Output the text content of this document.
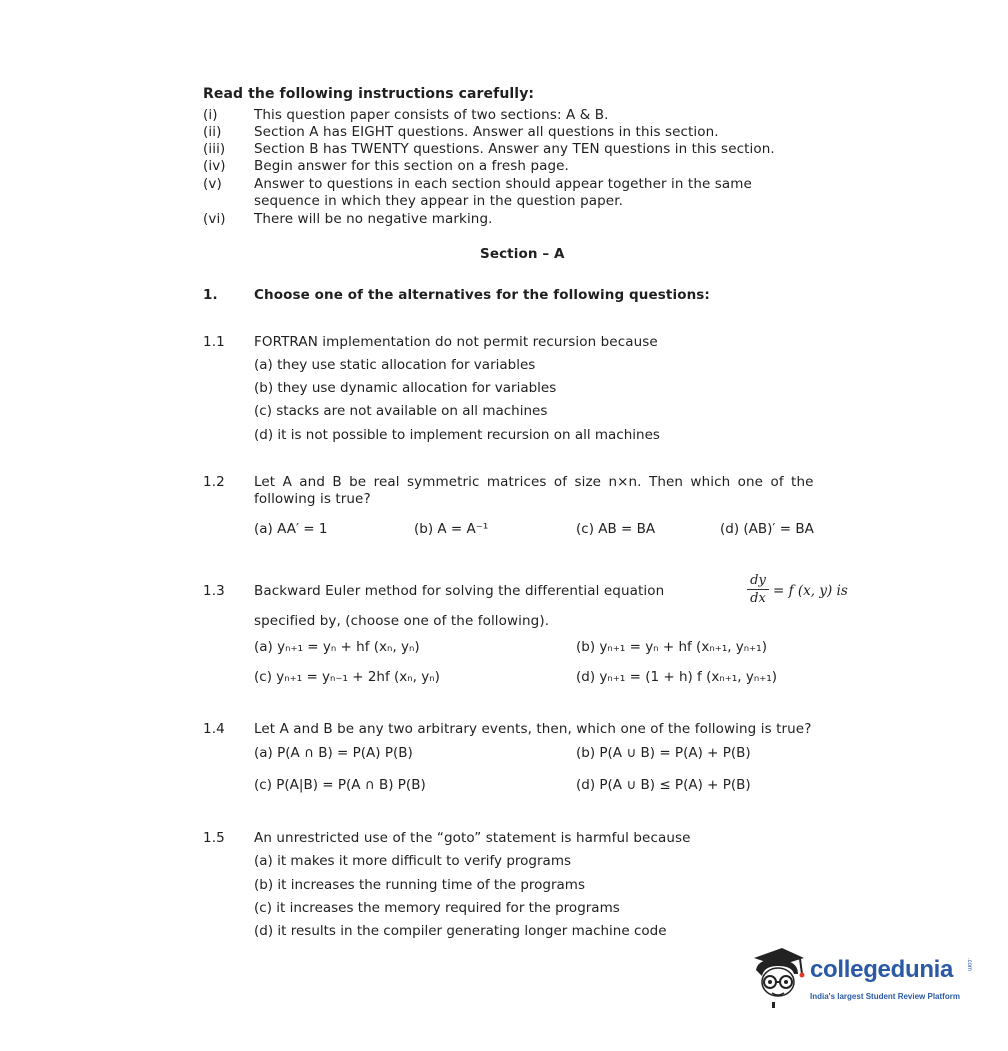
Read the following instructions carefully:
(i)	This question paper consists of two sections: A & B.
(ii) Section A has EIGHT questions. Answer all questions in this section.
(iii) Section B has TWENTY questions. Answer any TEN questions in this section.
(iv) Begin answer for this section on a fresh page.
(v) Answer to questions in each section should appear together in the same
sequence in which they appear in the question paper.
(vi) There will be no negative marking.
Section – A
1.	Choose one of the alternatives for the following questions:
1.1 FORTRAN implementation do not permit recursion because
(a) they use static allocation for variables
(b) they use dynamic allocation for variables
(c) stacks are not available on all machines
(d) it is not possible to implement recursion on all machines
1.2 Let A and B be real symmetric matrices of size n×n. Then which one of the
following is true?
(a) AA′ = 1	(b) A = A⁻¹	(c) AB = BA	(d) (AB)′ = BA
1.3 Backward Euler method for solving the differential equation
dy
dx = f (x, y) is
specified by, (choose one of the following).
(a) yₙ₊₁ = yₙ + hf (xₙ, yₙ)	(b) yₙ₊₁ = yₙ + hf (xₙ₊₁, yₙ₊₁)
(c) yₙ₊₁ = yₙ₋₁ + 2hf (xₙ, yₙ)	(d) yₙ₊₁ = (1 + h) f (xₙ₊₁, yₙ₊₁)
1.4 Let A and B be any two arbitrary events, then, which one of the following is true?
(a) P(A ∩ B) = P(A) P(B)	(b) P(A ∪ B) = P(A) + P(B)
(c) P(A|B) = P(A ∩ B) P(B)	(d) P(A ∪ B) ≤ P(A) + P(B)
1.5 An unrestricted use of the “goto” statement is harmful because
(a) it makes it more difficult to verify programs
(b) it increases the running time of the programs
(c) it increases the memory required for the programs
(d) it results in the compiler generating longer machine code
collegedunia .com
India's largest Student Review Platform
